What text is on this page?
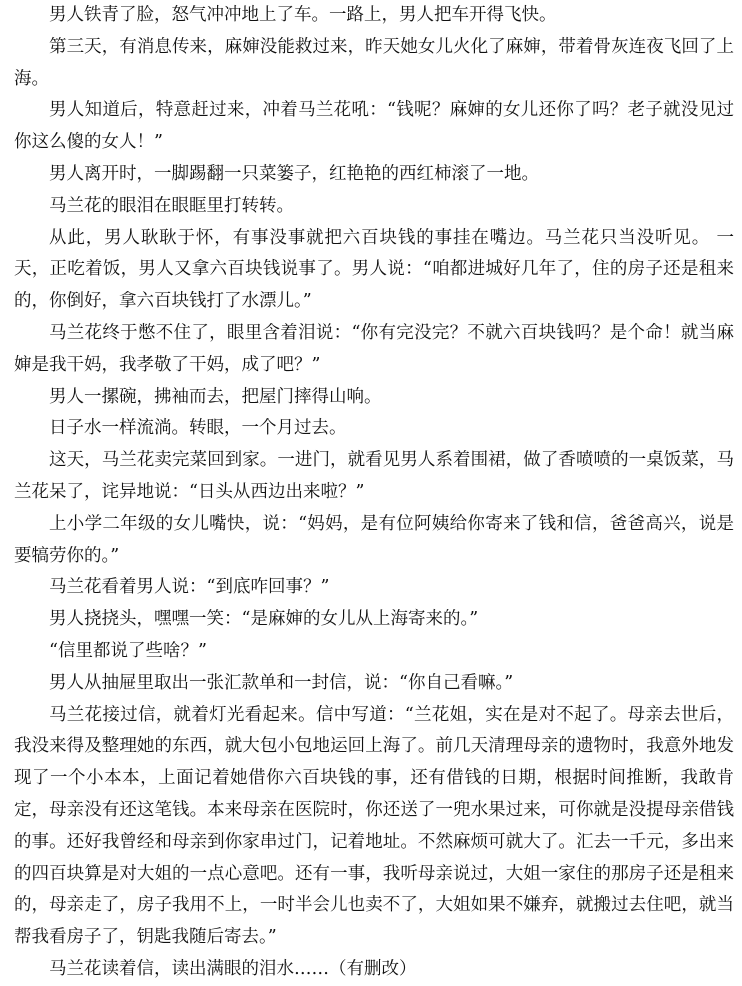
男人铁青了脸，怒气冲冲地上了车。一路上，男人把车开得飞快。

第三天，有消息传来，麻婶没能救过来，昨天她女儿火化了麻婶，带着骨灰连夜飞回了上海。

男人知道后，特意赶过来，冲着马兰花吼：“钱呢？麻婶的女儿还你了吗？老子就没见过你这么傻的女人！”

男人离开时，一脚踢翻一只菜篓子，红艳艳的西红柿滚了一地。

马兰花的眼泪在眼眶里打转转。

从此，男人耿耿于怀，有事没事就把六百块钱的事挂在嘴边。马兰花只当没听见。 一天，正吃着饭，男人又拿六百块钱说事了。男人说：“咱都进城好几年了，住的房子还是租来的，你倒好，拿六百块钱打了水漂儿。”

马兰花终于憋不住了，眼里含着泪说：“你有完没完？不就六百块钱吗？是个命！就当麻婶是我干妈，我孝敬了干妈，成了吧？”

男人一摞碗，拂袖而去，把屋门摔得山响。

日子水一样流淌。转眼，一个月过去。

这天，马兰花卖完菜回到家。一进门，就看见男人系着围裙，做了香喷喷的一桌饭菜，马兰花呆了，诧异地说：“日头从西边出来啦？”

上小学二年级的女儿嘴快，说：“妈妈，是有位阿姨给你寄来了钱和信，爸爸高兴，说是要犒劳你的。”

马兰花看着男人说：“到底咋回事？”

男人挠挠头，嘿嘿一笑：“是麻婶的女儿从上海寄来的。”

“信里都说了些啥？”

男人从抽屉里取出一张汇款单和一封信，说：“你自己看嘛。”

马兰花接过信，就着灯光看起来。信中写道：“兰花姐，实在是对不起了。母亲去世后，我没来得及整理她的东西，就大包小包地运回上海了。前几天清理母亲的遗物时，我意外地发现了一个小本本，上面记着她借你六百块钱的事，还有借钱的日期，根据时间推断，我敢肯定，母亲没有还这笔钱。本来母亲在医院时，你还送了一兜水果过来，可你就是没提母亲借钱的事。还好我曾经和母亲到你家串过门，记着地址。不然麻烦可就大了。汇去一千元，多出来的四百块算是对大姐的一点心意吧。还有一事，我听母亲说过，大姐一家住的那房子还是租来的，母亲走了，房子我用不上，一时半会儿也卖不了，大姐如果不嫌弃，就搬过去住吧，就当帮我看房子了，钥匙我随后寄去。”

马兰花读着信，读出满眼的泪水……（有删改）
